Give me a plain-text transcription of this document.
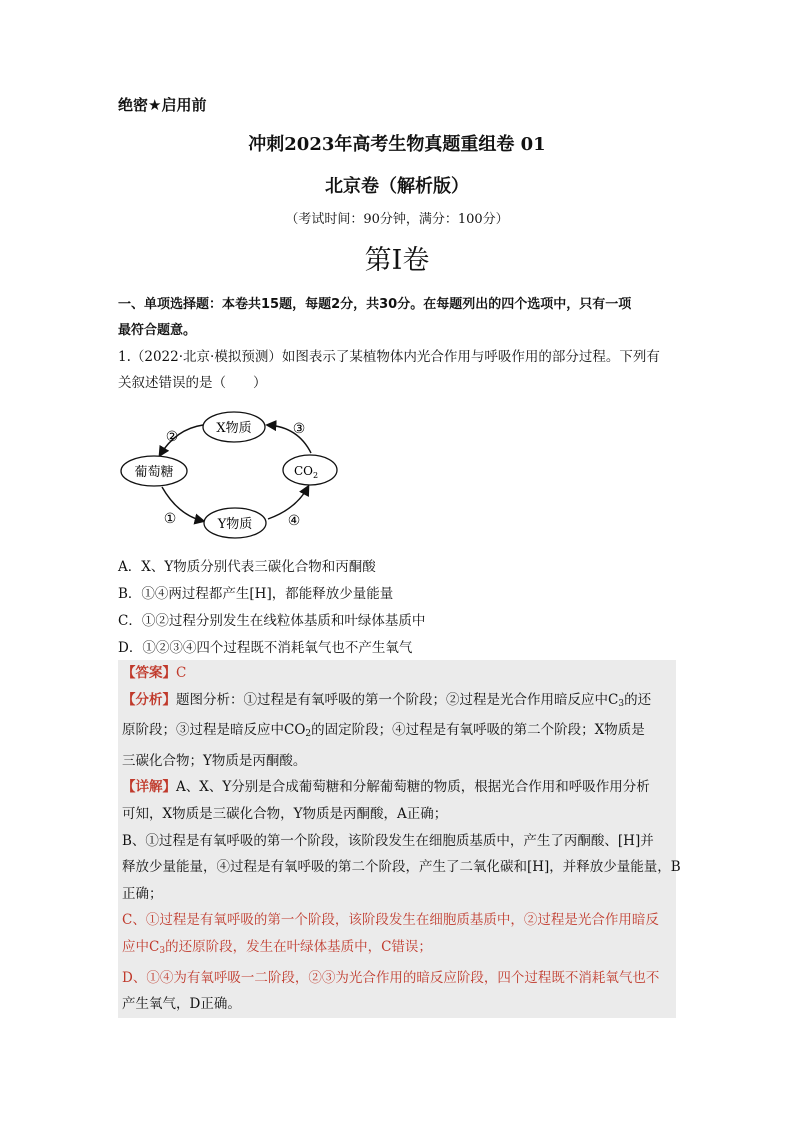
绝密★启用前
冲刺2023年高考生物真题重组卷 01
北京卷（解析版）
（考试时间：90分钟，满分：100分）
第Ⅰ卷
一、单项选择题：本卷共15题，每题2分，共30分。在每题列出的四个选项中，只有一项
最符合题意。
1.（2022·北京·模拟预测）如图表示了某植物体内光合作用与呼吸作用的部分过程。下列有
关叙述错误的是（　　）
X物质
葡萄糖
Y物质
$CO_2$
②	③
①	④
A．X、Y物质分别代表三碳化合物和丙酮酸
B．①④两过程都产生[H]，都能释放少量能量
C．①②过程分别发生在线粒体基质和叶绿体基质中
D．①②③④四个过程既不消耗氧气也不产生氧气
【答案】C
【分析】题图分析：①过程是有氧呼吸的第一个阶段；②过程是光合作用暗反应中$C_3$的还
原阶段；③过程是暗反应中$CO_2$的固定阶段；④过程是有氧呼吸的第二个阶段；X物质是
三碳化合物；Y物质是丙酮酸。
【详解】A、X、Y分别是合成葡萄糖和分解葡萄糖的物质，根据光合作用和呼吸作用分析
可知，X物质是三碳化合物，Y物质是丙酮酸，A正确；
B、①过程是有氧呼吸的第一个阶段，该阶段发生在细胞质基质中，产生了丙酮酸、[H]并
释放少量能量，④过程是有氧呼吸的第二个阶段，产生了二氧化碳和[H]，并释放少量能量，B
正确；
C、①过程是有氧呼吸的第一个阶段，该阶段发生在细胞质基质中，②过程是光合作用暗反
应中$C_3$的还原阶段，发生在叶绿体基质中，C错误；
D、①④为有氧呼吸一二阶段，②③为光合作用的暗反应阶段，四个过程既不消耗氧气也不
产生氧气，D正确。
